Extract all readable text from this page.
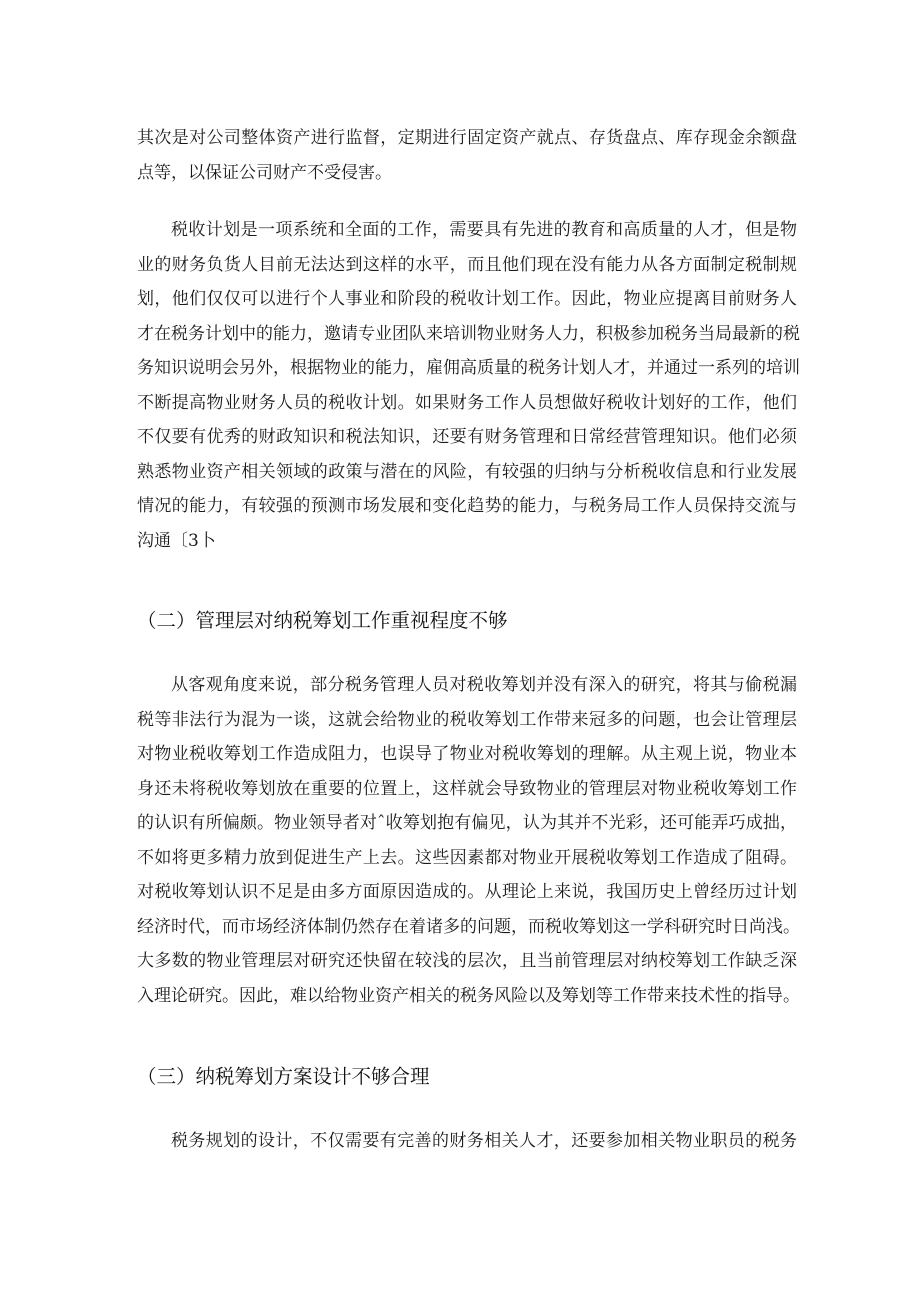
其次是对公司整体资产进行监督，定期进行固定资产就点、存货盘点、库存现金余额盘
点等，以保证公司财产不受侵害。
税收计划是一项系统和全面的工作，需要具有先进的教育和高质量的人才，但是物
业的财务负货人目前无法达到这样的水平，而且他们现在没有能力从各方面制定税制规
划，他们仅仅可以进行个人事业和阶段的税收计划工作。因此，物业应提离目前财务人
才在税务计划中的能力，邀请专业团队来培训物业财务人力，积极参加税务当局最新的税
务知识说明会另外，根据物业的能力，雇佣高质量的税务计划人才，并通过一系列的培训
不断提高物业财务人员的税收计划。如果财务工作人员想做好税收计划好的工作，他们
不仅要有优秀的财政知识和税法知识，还要有财务管理和日常经营管理知识。他们必须
熟悉物业资产相关领域的政策与潜在的风险，有较强的归纳与分析税收信息和行业发展
情况的能力，有较强的预测市场发展和变化趋势的能力，与税务局工作人员保持交流与
沟通〔3卜
（二）管理层对纳税筹划工作重视程度不够
从客观角度来说，部分税务管理人员对税收筹划并没有深入的研究，将其与偷税漏
税等非法行为混为一谈，这就会给物业的税收筹划工作带来冠多的问题，也会让管理层
对物业税收筹划工作造成阻力，也误导了物业对税收筹划的理解。从主观上说，物业本
身还未将税收筹划放在重要的位置上，这样就会导致物业的管理层对物业税收筹划工作
的认识有所偏颇。物业领导者对ˆ收筹划抱有偏见，认为其并不光彩，还可能弄巧成拙，
不如将更多精力放到促进生产上去。这些因素都对物业开展税收筹划工作造成了阻碍。
对税收筹划认识不足是由多方面原因造成的。从理论上来说，我国历史上曾经历过计划
经济时代，而市场经济体制仍然存在着诸多的问题，而税收筹划这一学科研究时日尚浅。
大多数的物业管理层对研究还快留在较浅的层次，且当前管理层对纳校筹划工作缺乏深
入理论研究。因此，难以给物业资产相关的税务风险以及筹划等工作带来技术性的指导。
（三）纳税筹划方案设计不够合理
税务规划的设计，不仅需要有完善的财务相关人才，还要参加相关物业职员的税务
